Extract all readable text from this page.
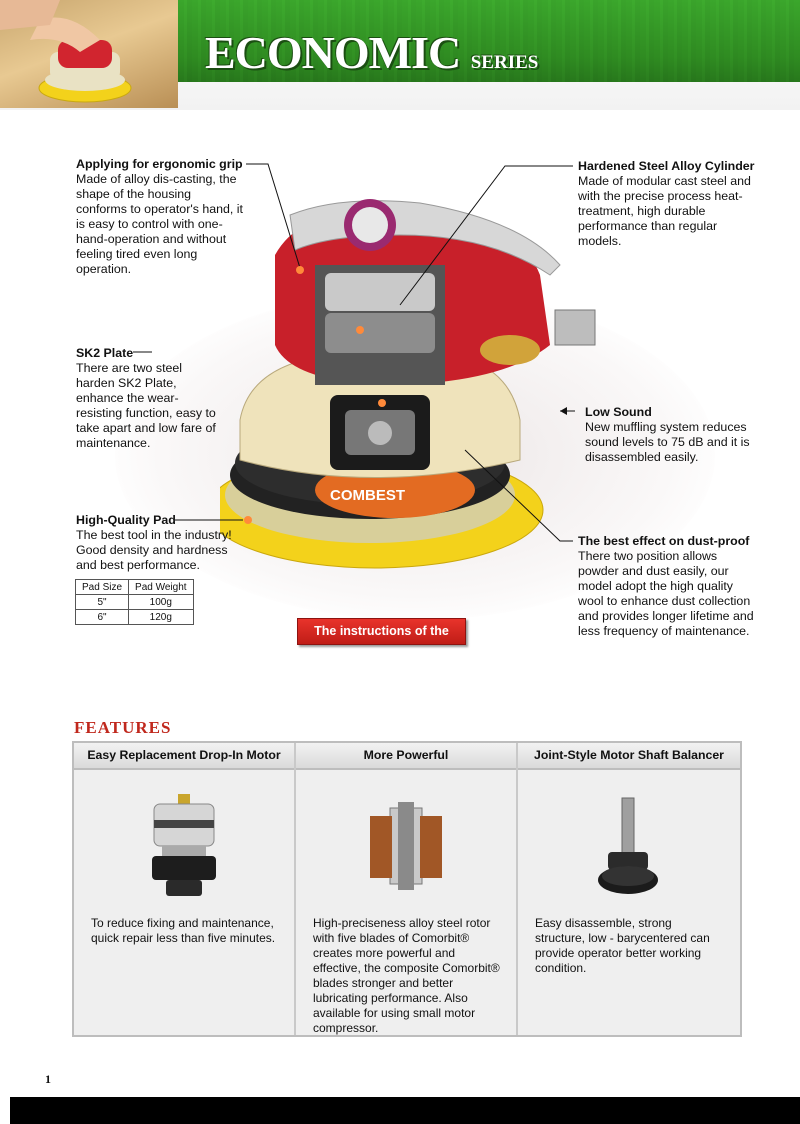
ECONOMIC SERIES
COMBEST
Applying for ergonomic grip
Made of alloy dis-casting, the
shape of the housing
conforms to operator's hand, it
is easy to control with one-
hand-operation and without
feeling tired even long
operation.
Hardened Steel Alloy Cylinder
Made of modular cast steel and
with the precise process heat-
treatment, high durable
performance than regular
models.
SK2 Plate
There are two steel
harden SK2 Plate,
enhance the wear-
resisting function, easy to
take apart and low fare of
maintenance.
Low Sound
New muffling system reduces
sound levels to 75 dB and it is
disassembled easily.
High-Quality Pad
The best tool in the industry!
Good density and hardness
and best performance.
The best effect on dust-proof
There two position allows
powder and dust easily, our
model adopt the high quality
wool to enhance dust collection
and provides longer lifetime and
less frequency of maintenance.
Pad Size	Pad Weight
5"	100g
6"	120g
The instructions of the parts
FEATURES
Easy Replacement Drop-In Motor
To reduce fixing and maintenance, quick repair less than five minutes.
More Powerful
High-preciseness alloy steel rotor with five blades of Comorbit® creates more powerful and effective, the composite Comorbit® blades stronger and better lubricating performance. Also available for using small motor compressor.
Joint-Style Motor Shaft Balancer
Easy disassemble, strong structure, low - barycentered can provide operator better working condition.
1
